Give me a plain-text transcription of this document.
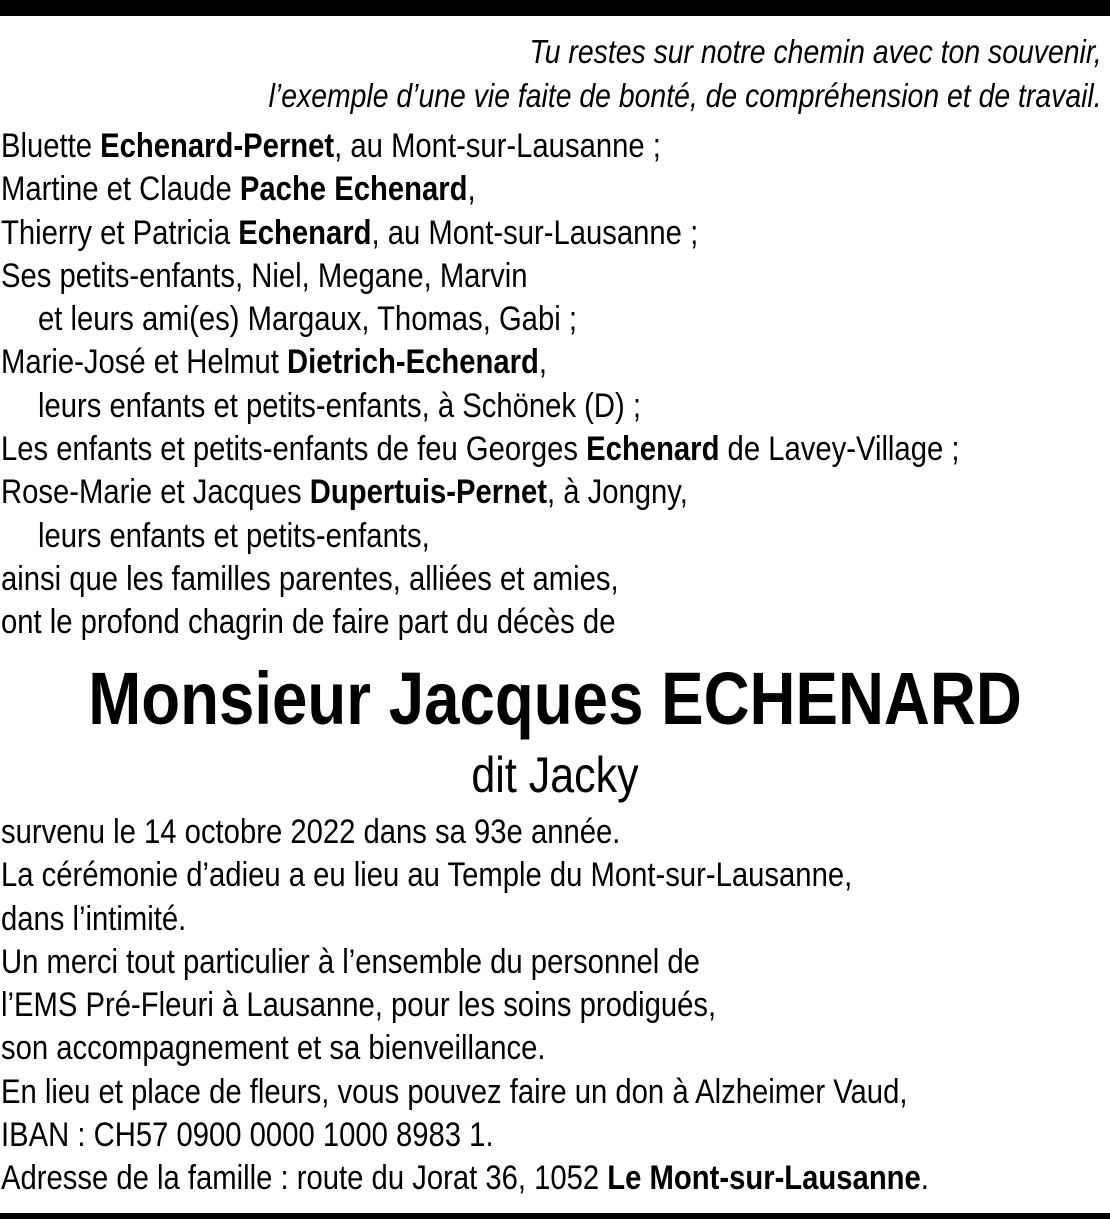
Tu restes sur notre chemin avec ton souvenir,
l’exemple d’une vie faite de bonté, de compréhension et de travail.
Bluette Echenard-Pernet, au Mont-sur-Lausanne ;
Martine et Claude Pache Echenard,
Thierry et Patricia Echenard, au Mont-sur-Lausanne ;
Ses petits-enfants, Niel, Megane, Marvin
et leurs ami(es) Margaux, Thomas, Gabi ;
Marie-José et Helmut Dietrich-Echenard,
leurs enfants et petits-enfants, à Schönek (D) ;
Les enfants et petits-enfants de feu Georges Echenard de Lavey-Village ;
Rose-Marie et Jacques Dupertuis-Pernet, à Jongny,
leurs enfants et petits-enfants,
ainsi que les familles parentes, alliées et amies,
ont le profond chagrin de faire part du décès de
Monsieur Jacques ECHENARD
dit Jacky
survenu le 14 octobre 2022 dans sa 93e année.
La cérémonie d’adieu a eu lieu au Temple du Mont-sur-Lausanne,
dans l’intimité.
Un merci tout particulier à l’ensemble du personnel de
l’EMS Pré-Fleuri à Lausanne, pour les soins prodigués,
son accompagnement et sa bienveillance.
En lieu et place de fleurs, vous pouvez faire un don à Alzheimer Vaud,
IBAN : CH57 0900 0000 1000 8983 1.
Adresse de la famille : route du Jorat 36, 1052 Le Mont-sur-Lausanne.
